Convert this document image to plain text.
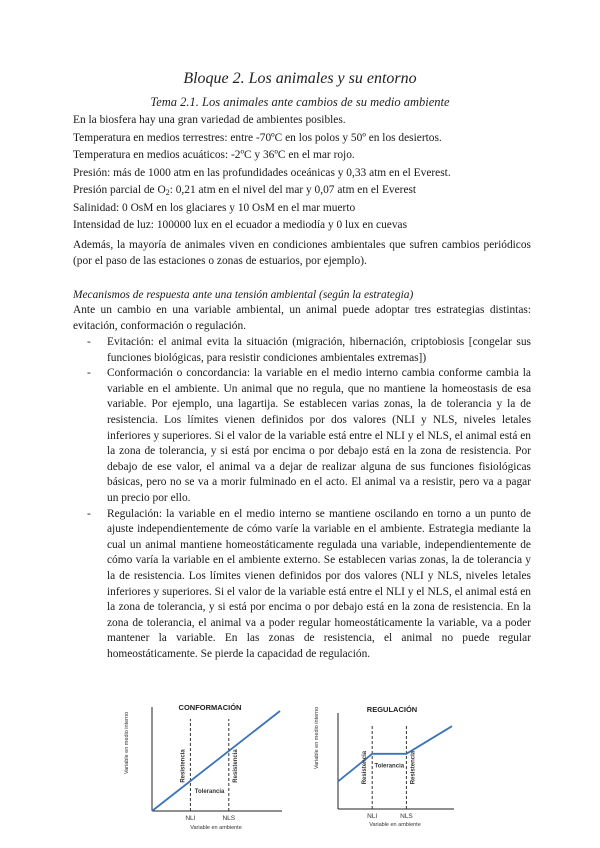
Bloque 2. Los animales y su entorno
Tema 2.1. Los animales ante cambios de su medio ambiente
En la biosfera hay una gran variedad de ambientes posibles.
Temperatura en medios terrestres: entre -70ºC en los polos y 50º en los desiertos.
Temperatura en medios acuáticos: -2ºC y 36ºC en el mar rojo.
Presión: más de 1000 atm en las profundidades oceánicas y 0,33 atm en el Everest.
Presión parcial de $O_2$: 0,21 atm en el nivel del mar y 0,07 atm en el Everest
Salinidad: 0 OsM en los glaciares y 10 OsM en el mar muerto
Intensidad de luz: 100000 lux en el ecuador a mediodía y 0 lux en cuevas
Además, la mayoría de animales viven en condiciones ambientales que sufren cambios periódicos (por el paso de las estaciones o zonas de estuarios, por ejemplo).
Mecanismos de respuesta ante una tensión ambiental (según la estrategia)
Ante un cambio en una variable ambiental, un animal puede adoptar tres estrategias distintas: evitación, conformación o regulación.
- Evitación: el animal evita la situación (migración, hibernación, criptobiosis [congelar sus funciones biológicas, para resistir condiciones ambientales extremas])
- Conformación o concordancia: la variable en el medio interno cambia conforme cambia la variable en el ambiente. Un animal que no regula, que no mantiene la homeostasis de esa variable. Por ejemplo, una lagartija. Se establecen varias zonas, la de tolerancia y la de resistencia. Los límites vienen definidos por dos valores (NLI y NLS, niveles letales inferiores y superiores. Si el valor de la variable está entre el NLI y el NLS, el animal está en la zona de tolerancia, y si está por encima o por debajo está en la zona de resistencia. Por debajo de ese valor, el animal va a dejar de realizar alguna de sus funciones fisiológicas básicas, pero no se va a morir fulminado en el acto. El animal va a resistir, pero va a pagar un precio por ello.
- Regulación: la variable en el medio interno se mantiene oscilando en torno a un punto de ajuste independientemente de cómo varíe la variable en el ambiente. Estrategia mediante la cual un animal mantiene homeostáticamente regulada una variable, independientemente de cómo varía la variable en el ambiente externo. Se establecen varias zonas, la de tolerancia y la de resistencia. Los límites vienen definidos por dos valores (NLI y NLS, niveles letales inferiores y superiores. Si el valor de la variable está entre el NLI y el NLS, el animal está en la zona de tolerancia, y si está por encima o por debajo está en la zona de resistencia. En la zona de tolerancia, el animal va a poder regular homeostáticamente la variable, va a poder mantener la variable. En las zonas de resistencia, el animal no puede regular homeostáticamente. Se pierde la capacidad de regulación.
CONFORMACIÓN
NLI	NLS
Variable en ambiente
Variable en medio interno	Resistencia	Resistencia
Tolerancia
REGULACIÓN
NLI	NLS
Variable en ambiente
Variable en medio interno	Resistencia	Resistencia
Tolerancia
